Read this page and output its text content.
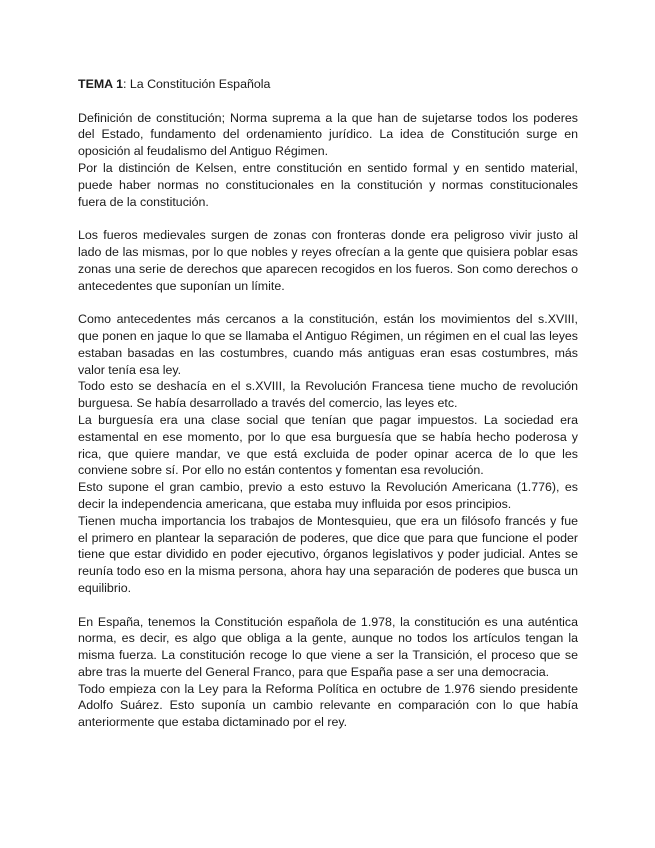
TEMA 1: La Constitución Española

Definición de constitución; Norma suprema a la que han de sujetarse todos los poderes del Estado, fundamento del ordenamiento jurídico. La idea de Constitución surge en oposición al feudalismo del Antiguo Régimen.

Por la distinción de Kelsen, entre constitución en sentido formal y en sentido material, puede haber normas no constitucionales en la constitución y normas constitucionales fuera de la constitución.

Los fueros medievales surgen de zonas con fronteras donde era peligroso vivir justo al lado de las mismas, por lo que nobles y reyes ofrecían a la gente que quisiera poblar esas zonas una serie de derechos que aparecen recogidos en los fueros. Son como derechos o antecedentes que suponían un límite.

Como antecedentes más cercanos a la constitución, están los movimientos del s.XVIII, que ponen en jaque lo que se llamaba el Antiguo Régimen, un régimen en el cual las leyes estaban basadas en las costumbres, cuando más antiguas eran esas costumbres, más valor tenía esa ley.

Todo esto se deshacía en el s.XVIII, la Revolución Francesa tiene mucho de revolución burguesa. Se había desarrollado a través del comercio, las leyes etc.

La burguesía era una clase social que tenían que pagar impuestos. La sociedad era estamental en ese momento, por lo que esa burguesía que se había hecho poderosa y rica, que quiere mandar, ve que está excluida de poder opinar acerca de lo que les conviene sobre sí. Por ello no están contentos y fomentan esa revolución.

Esto supone el gran cambio, previo a esto estuvo la Revolución Americana (1.776), es decir la independencia americana, que estaba muy influida por esos principios.

Tienen mucha importancia los trabajos de Montesquieu, que era un filósofo francés y fue el primero en plantear la separación de poderes, que dice que para que funcione el poder tiene que estar dividido en poder ejecutivo, órganos legislativos y poder judicial. Antes se reunía todo eso en la misma persona, ahora hay una separación de poderes que busca un equilibrio.

En España, tenemos la Constitución española de 1.978, la constitución es una auténtica norma, es decir, es algo que obliga a la gente, aunque no todos los artículos tengan la misma fuerza. La constitución recoge lo que viene a ser la Transición, el proceso que se abre tras la muerte del General Franco, para que España pase a ser una democracia.

Todo empieza con la Ley para la Reforma Política en octubre de 1.976 siendo presidente Adolfo Suárez. Esto suponía un cambio relevante en comparación con lo que había anteriormente que estaba dictaminado por el rey.
